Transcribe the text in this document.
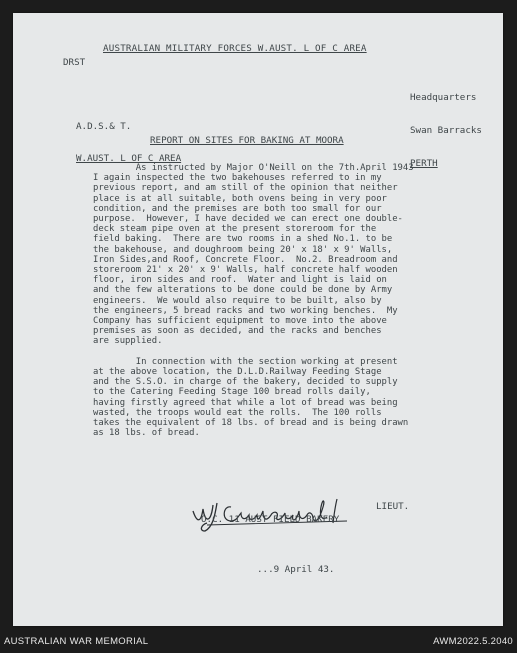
AUSTRALIAN MILITARY FORCES W.AUST. L OF C AREA
DRST

Headquarters

Swan Barracks

PERTH

A.D.S.& T.

W.AUST. L OF C AREA

REPORT ON SITES FOR BAKING AT MOORA
As instructed by Major O'Neill on the 7th.April 1943
I again inspected the two bakehouses referred to in my
previous report, and am still of the opinion that neither
place is at all suitable, both ovens being in very poor
condition, and the premises are both too small for our
purpose.  However, I have decided we can erect one double-
deck steam pipe oven at the present storeroom for the
field baking.  There are two rooms in a shed No.1. to be
the bakehouse, and doughroom being 20' x 18' x 9' Walls,
Iron Sides,and Roof, Concrete Floor.  No.2. Breadroom and
storeroom 21' x 20' x 9' Walls, half concrete half wooden
floor, iron sides and roof.  Water and light is laid on
and the few alterations to be done could be done by Army
engineers.  We would also require to be built, also by
the engineers, 5 bread racks and two working benches.  My
Company has sufficient equipment to move into the above
premises as soon as decided, and the racks and benches
are supplied.
In connection with the section working at present
at the above location, the D.L.D.Railway Feeding Stage
and the S.S.O. in charge of the bakery, decided to supply
to the Catering Feeding Stage 100 bread rolls daily,
having firstly agreed that while a lot of bread was being
wasted, the troops would eat the rolls.  The 100 rolls
takes the equivalent of 18 lbs. of bread and is being drawn
as 18 lbs. of bread.
LIEUT.
O.C. 11 AUST FIELD BAKERY
...9 April 43.
AUSTRALIAN WAR MEMORIAL	AWM2022.5.2040
